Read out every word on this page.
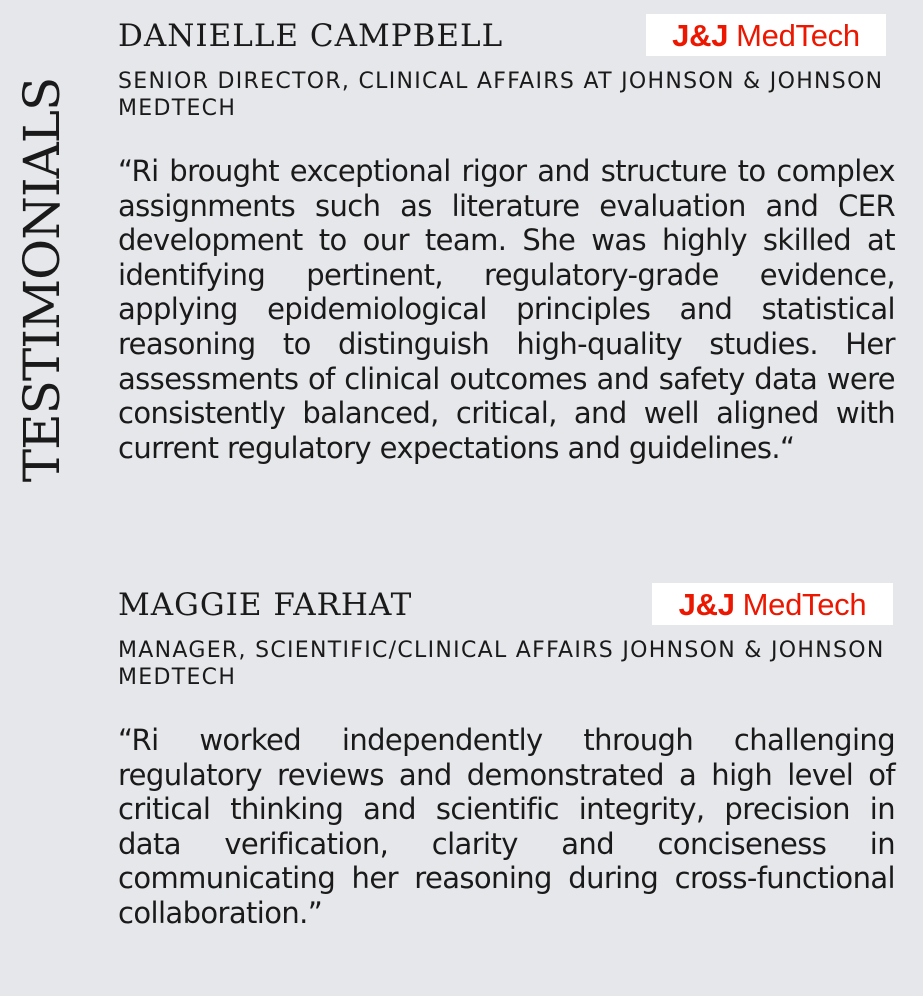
TESTIMONIALS
DANIELLE CAMPBELL	J&J MedTech

SENIOR DIRECTOR, CLINICAL AFFAIRS AT JOHNSON & JOHNSON MEDTECH

“Ri brought exceptional rigor and structure to complex assignments such as literature evaluation and CER development to our team. She was highly skilled at identifying pertinent, regulatory-grade evidence, applying epidemiological principles and statistical reasoning to distinguish high-quality studies. Her assessments of clinical outcomes and safety data were consistently balanced, critical, and well aligned with current regulatory expectations and guidelines.“

MAGGIE FARHAT	J&J MedTech

MANAGER, SCIENTIFIC/CLINICAL AFFAIRS JOHNSON & JOHNSON MEDTECH

“Ri worked independently through challenging regulatory reviews and demonstrated a high level of critical thinking and scientific integrity, precision in data verification, clarity and conciseness in communicating her reasoning during cross-functional collaboration.”
